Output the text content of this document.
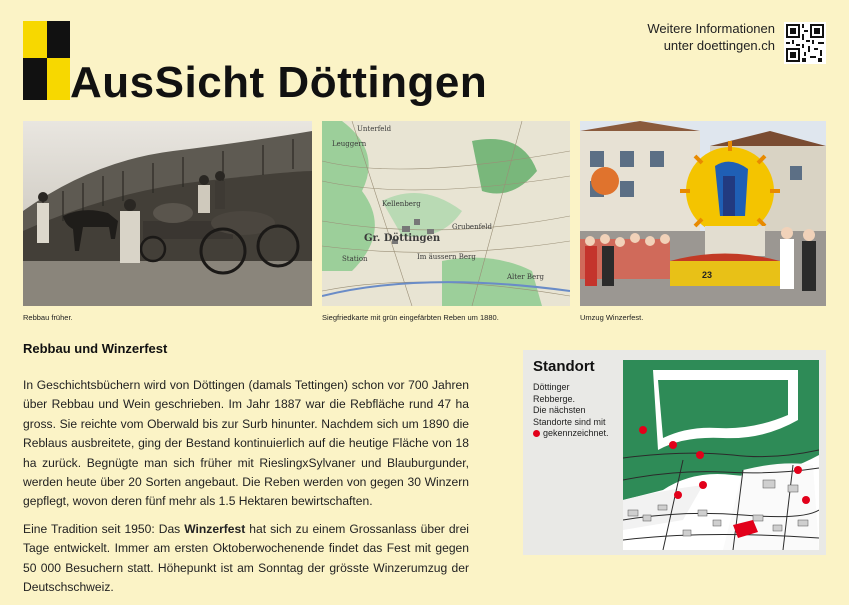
AusSicht Döttingen
Weitere Informationen
unter doettingen.ch
Unterfeld
Gr. Döttingen
Im äussern Berg
Grubenfeld
Kellenberg
Leuggern
Alter Berg
Station
23
Rebbau früher.	Siegfriedkarte mit grün eingefärbten Reben um 1880.	Umzug Winzerfest.
Rebbau und Winzerfest

In Geschichtsbüchern wird von Döttingen (damals Tettingen) schon vor 700 Jahren über Rebbau und Wein geschrieben. Im Jahr 1887 war die Rebfläche rund 47 ha gross. Sie reichte vom Oberwald bis zur Surb hinunter. Nachdem sich um 1890 die Reblaus ausbreitete, ging der Bestand kontinuierlich auf die heutige Fläche von 18 ha zurück. Begnügte man sich früher mit RieslingxSylvaner und Blauburgunder, werden heute über 20 Sorten angebaut. Die Reben werden von gegen 30 Winzern gepflegt, wovon deren fünf mehr als 1.5 Hektaren bewirtschaften.

Eine Tradition seit 1950: Das Winzerfest hat sich zu einem Grossanlass über drei Tage entwickelt. Immer am ersten Oktoberwochenende findet das Fest mit gegen 50 000 Besuchern statt. Höhepunkt ist am Sonntag der grösste Winzerumzug der Deutschschweiz.

Standort
Döttinger
Rebberge.
Die nächsten
Standorte sind mit
gekennzeichnet.
